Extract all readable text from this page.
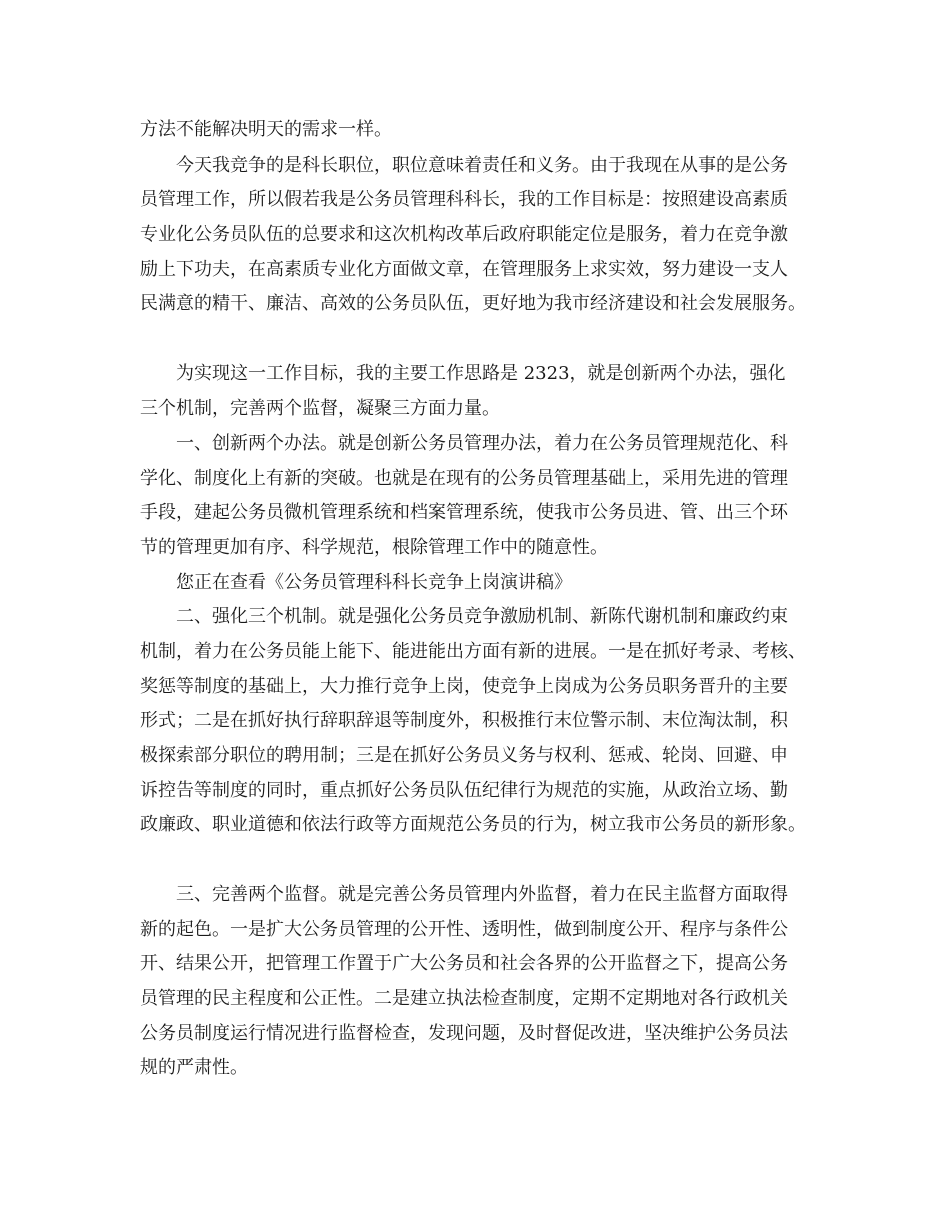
方法不能解决明天的需求一样。
今天我竞争的是科长职位，职位意味着责任和义务。由于我现在从事的是公务
员管理工作，所以假若我是公务员管理科科长，我的工作目标是：按照建设高素质
专业化公务员队伍的总要求和这次机构改革后政府职能定位是服务，着力在竞争激
励上下功夫，在高素质专业化方面做文章，在管理服务上求实效，努力建设一支人
民满意的精干、廉洁、高效的公务员队伍，更好地为我市经济建设和社会发展服务。
为实现这一工作目标，我的主要工作思路是 2323，就是创新两个办法，强化
三个机制，完善两个监督，凝聚三方面力量。
一、创新两个办法。就是创新公务员管理办法，着力在公务员管理规范化、科
学化、制度化上有新的突破。也就是在现有的公务员管理基础上，采用先进的管理
手段，建起公务员微机管理系统和档案管理系统，使我市公务员进、管、出三个环
节的管理更加有序、科学规范，根除管理工作中的随意性。
您正在查看《公务员管理科科长竞争上岗演讲稿》
二、强化三个机制。就是强化公务员竞争激励机制、新陈代谢机制和廉政约束
机制，着力在公务员能上能下、能进能出方面有新的进展。一是在抓好考录、考核、
奖惩等制度的基础上，大力推行竞争上岗，使竞争上岗成为公务员职务晋升的主要
形式；二是在抓好执行辞职辞退等制度外，积极推行末位警示制、末位淘汰制，积
极探索部分职位的聘用制；三是在抓好公务员义务与权利、惩戒、轮岗、回避、申
诉控告等制度的同时，重点抓好公务员队伍纪律行为规范的实施，从政治立场、勤
政廉政、职业道德和依法行政等方面规范公务员的行为，树立我市公务员的新形象。
三、完善两个监督。就是完善公务员管理内外监督，着力在民主监督方面取得
新的起色。一是扩大公务员管理的公开性、透明性，做到制度公开、程序与条件公
开、结果公开，把管理工作置于广大公务员和社会各界的公开监督之下，提高公务
员管理的民主程度和公正性。二是建立执法检查制度，定期不定期地对各行政机关
公务员制度运行情况进行监督检查，发现问题，及时督促改进，坚决维护公务员法
规的严肃性。
